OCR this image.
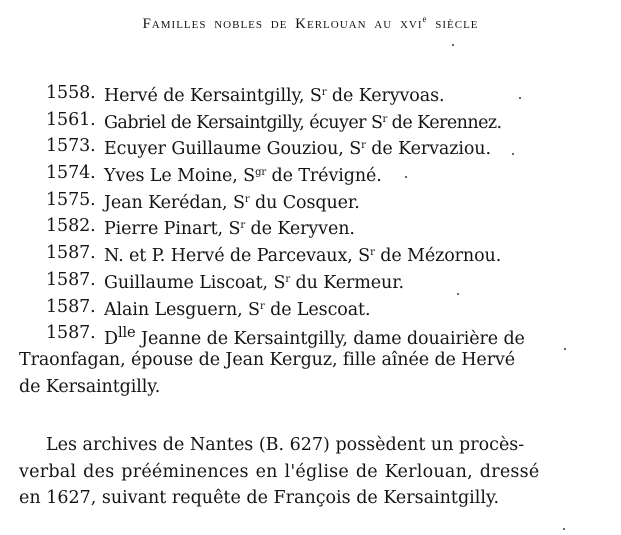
Familles nobles de Kerlouan au xvi$^e$ siècle
1558. Hervé de Kersaintgilly, $S^r$ de Keryvoas.
1561. Gabriel de Kersaintgilly, écuyer $S^r$ de Kerennez.
1573. Ecuyer Guillaume Gouziou, $S^r$ de Kervaziou.
1574. Yves Le Moine, $S^{gr}$ de Trévigné.
1575. Jean Kerédan, $S^r$ du Cosquer.
1582. Pierre Pinart, $S^r$ de Keryven.
1587. N. et P. Hervé de Parcevaux, $S^r$ de Mézornou.
1587. Guillaume Liscoat, $S^r$ du Kermeur.
1587. Alain Lesguern, $S^r$ de Lescoat.
1587. $D^{lle}$ Jeanne de Kersaintgilly, dame douairière de
Traonfagan, épouse de Jean Kerguz, fille aînée de Hervé
de Kersaintgilly.
Les archives de Nantes (B. 627) possèdent un procès-
verbal des prééminences en l'église de Kerlouan, dressé
en 1627, suivant requête de François de Kersaintgilly.
